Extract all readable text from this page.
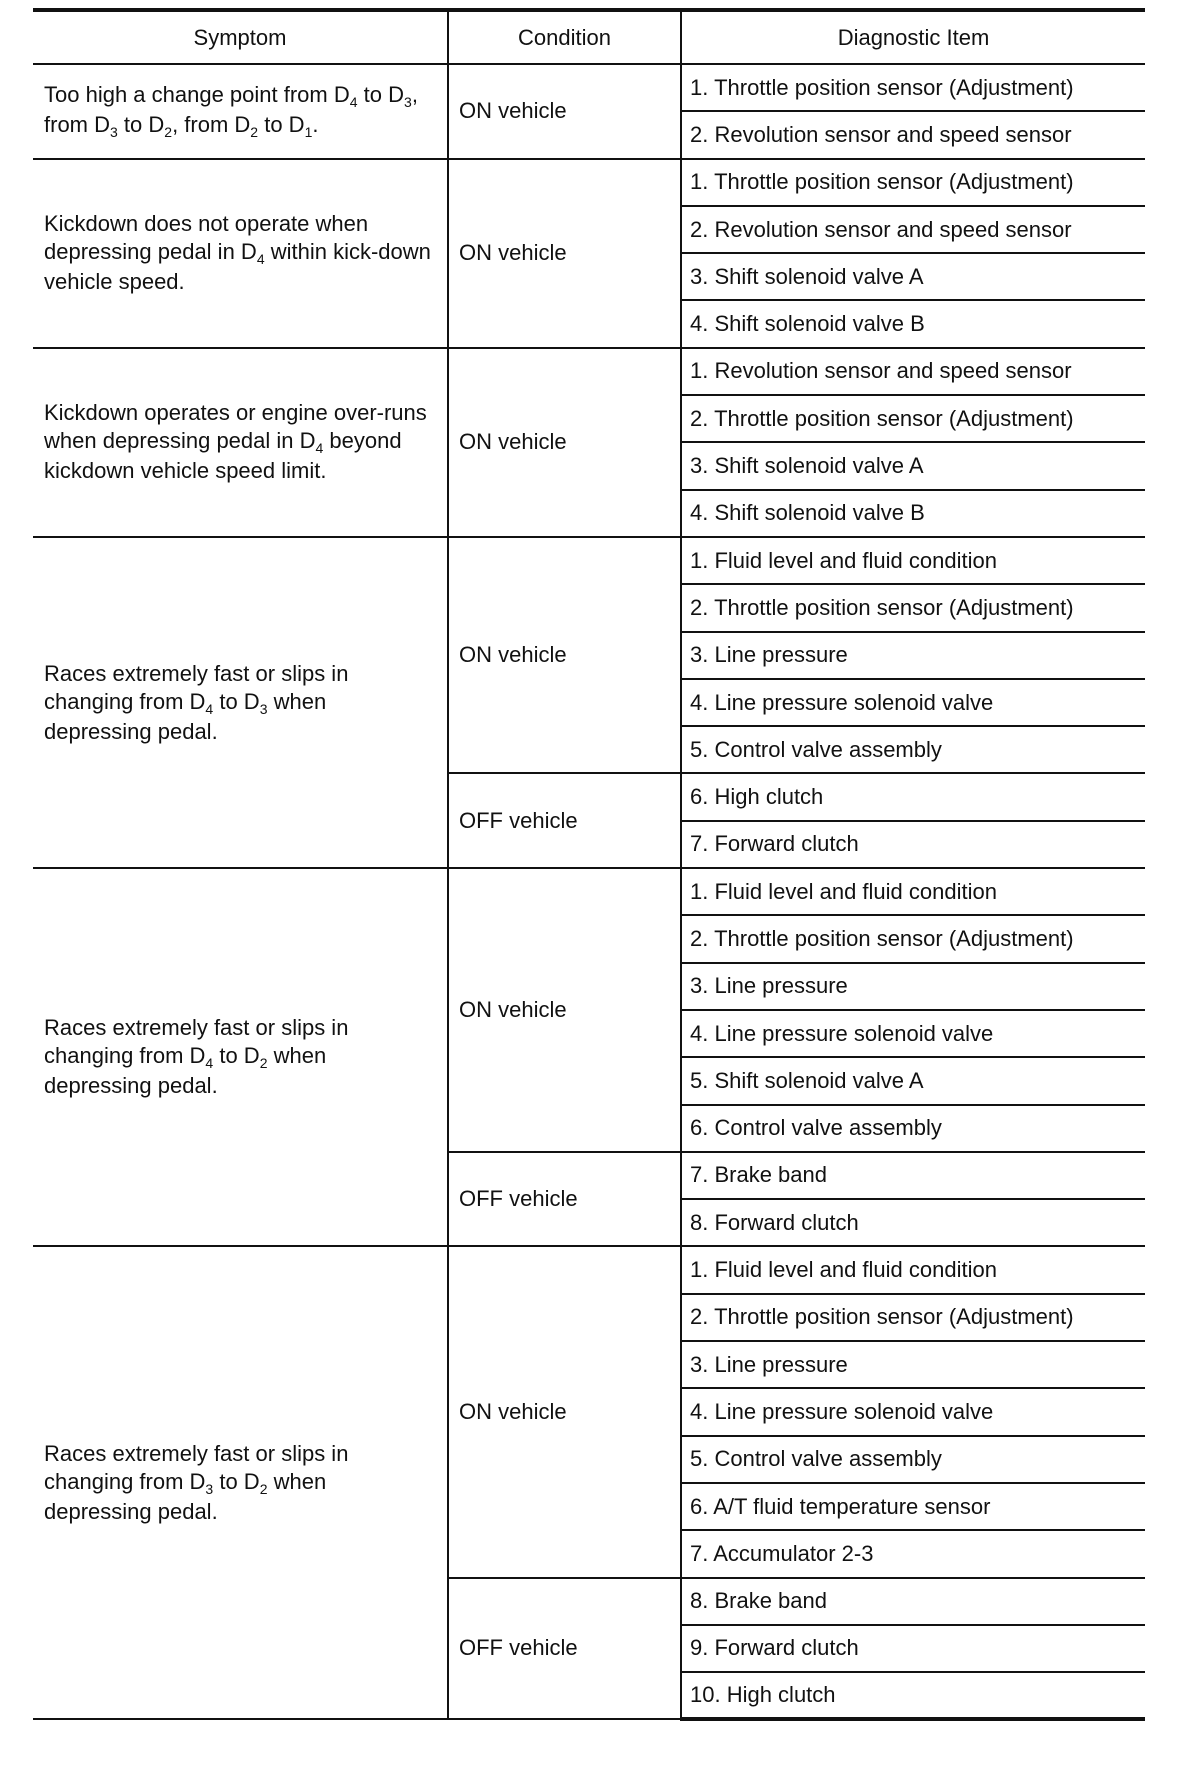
Symptom	Condition	Diagnostic Item
Too high a change point from $D_4$ to $D_3$, from $D_3$ to $D_2$, from $D_2$ to $D_1$.	ON vehicle	1. Throttle position sensor (Adjustment)
		2. Revolution sensor and speed sensor
Kickdown does not operate when depressing pedal in $D_4$ within kick-down vehicle speed.	ON vehicle	1. Throttle position sensor (Adjustment)
		2. Revolution sensor and speed sensor
		3. Shift solenoid valve A
		4. Shift solenoid valve B
Kickdown operates or engine over-runs when depressing pedal in $D_4$ beyond kickdown vehicle speed limit.	ON vehicle	1. Revolution sensor and speed sensor
		2. Throttle position sensor (Adjustment)
		3. Shift solenoid valve A
		4. Shift solenoid valve B
Races extremely fast or slips in changing from $D_4$ to $D_3$ when depressing pedal.	ON vehicle	1. Fluid level and fluid condition
		2. Throttle position sensor (Adjustment)
		3. Line pressure
		4. Line pressure solenoid valve
		5. Control valve assembly
	OFF vehicle	6. High clutch
		7. Forward clutch
Races extremely fast or slips in changing from $D_4$ to $D_2$ when depressing pedal.	ON vehicle	1. Fluid level and fluid condition
		2. Throttle position sensor (Adjustment)
		3. Line pressure
		4. Line pressure solenoid valve
		5. Shift solenoid valve A
		6. Control valve assembly
	OFF vehicle	7. Brake band
		8. Forward clutch
Races extremely fast or slips in changing from $D_3$ to $D_2$ when depressing pedal.	ON vehicle	1. Fluid level and fluid condition
		2. Throttle position sensor (Adjustment)
		3. Line pressure
		4. Line pressure solenoid valve
		5. Control valve assembly
		6. A/T fluid temperature sensor
		7. Accumulator 2-3
	OFF vehicle	8. Brake band
		9. Forward clutch
		10. High clutch
